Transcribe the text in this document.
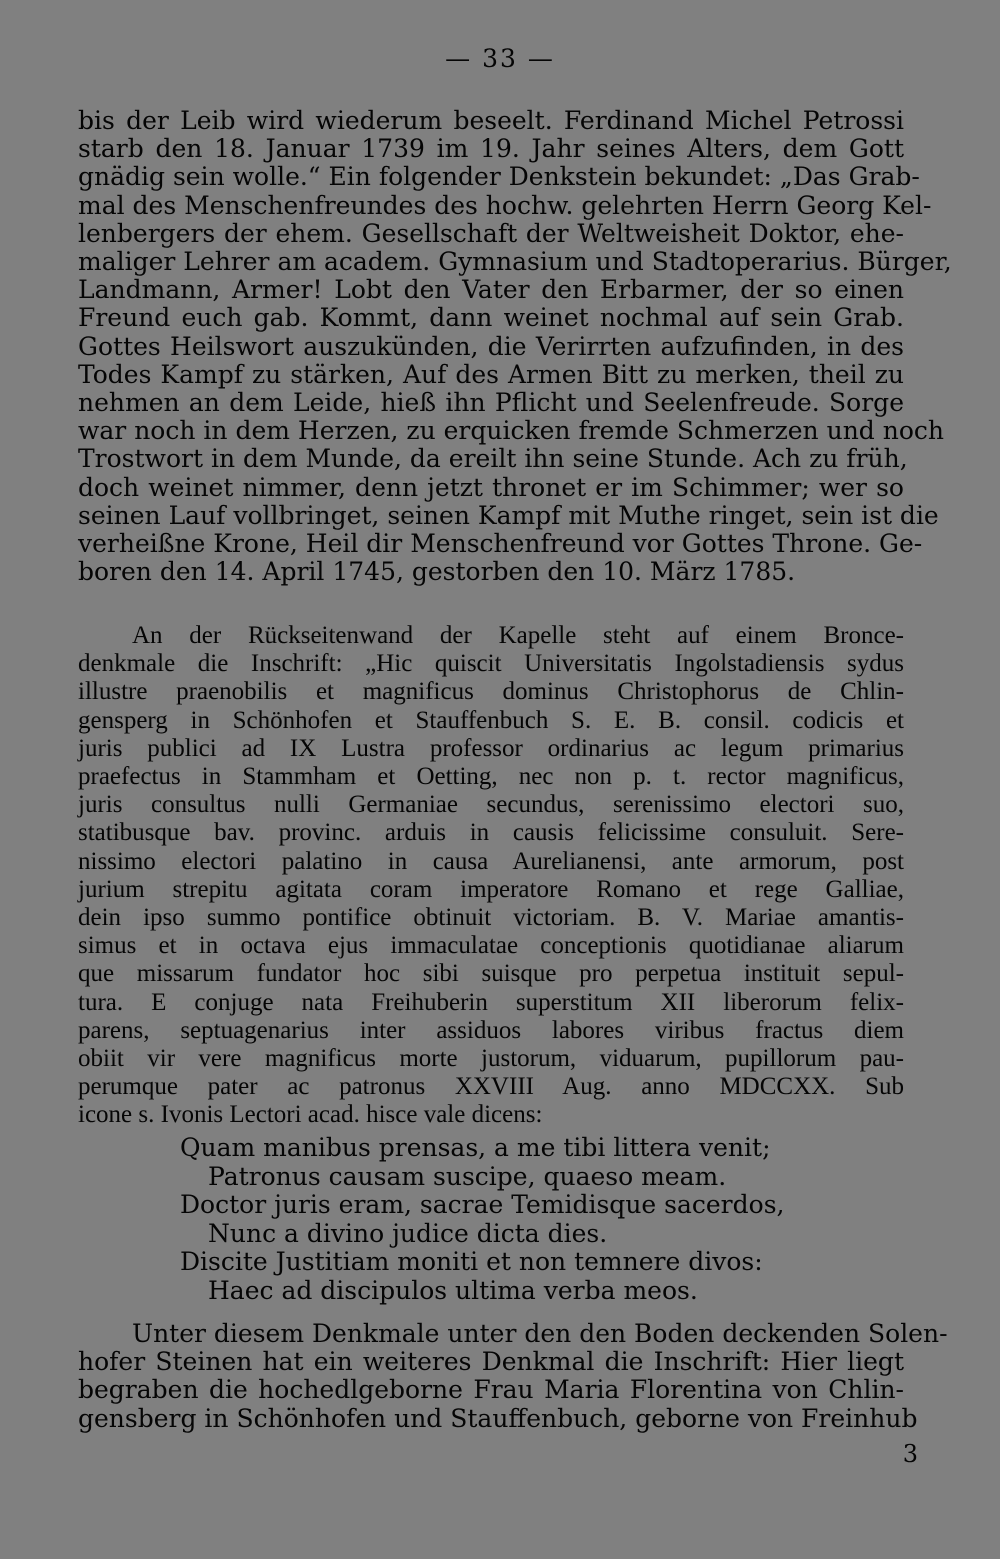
— 33 —
bis der Leib wird wiederum beseelt. Ferdinand Michel Petrossi
starb den 18. Januar 1739 im 19. Jahr seines Alters, dem Gott
gnädig sein wolle.“ Ein folgender Denkstein bekundet: „Das Grab-
mal des Menschenfreundes des hochw. gelehrten Herrn Georg Kel-
lenbergers der ehem. Gesellschaft der Weltweisheit Doktor, ehe-
maliger Lehrer am academ. Gymnasium und Stadtoperarius. Bürger,
Landmann, Armer! Lobt den Vater den Erbarmer, der so einen
Freund euch gab. Kommt, dann weinet nochmal auf sein Grab.
Gottes Heilswort auszukünden, die Verirrten aufzufinden, in des
Todes Kampf zu stärken, Auf des Armen Bitt zu merken, theil zu
nehmen an dem Leide, hieß ihn Pflicht und Seelenfreude. Sorge
war noch in dem Herzen, zu erquicken fremde Schmerzen und noch
Trostwort in dem Munde, da ereilt ihn seine Stunde. Ach zu früh,
doch weinet nimmer, denn jetzt thronet er im Schimmer; wer so
seinen Lauf vollbringet, seinen Kampf mit Muthe ringet, sein ist die
verheißne Krone, Heil dir Menschenfreund vor Gottes Throne. Ge-
boren den 14. April 1745, gestorben den 10. März 1785.
An der Rückseitenwand der Kapelle steht auf einem Bronce-
denkmale die Inschrift: „Hic quiscit Universitatis Ingolstadiensis sydus
illustre praenobilis et magnificus dominus Christophorus de Chlin-
gensperg in Schönhofen et Stauffenbuch S. E. B. consil. codicis et
juris publici ad IX Lustra professor ordinarius ac legum primarius
praefectus in Stammham et Oetting, nec non p. t. rector magnificus,
juris consultus nulli Germaniae secundus, serenissimo electori suo,
statibusque bav. provinc. arduis in causis felicissime consuluit. Sere-
nissimo electori palatino in causa Aurelianensi, ante armorum, post
jurium strepitu agitata coram imperatore Romano et rege Galliae,
dein ipso summo pontifice obtinuit victoriam. B. V. Mariae amantis-
simus et in octava ejus immaculatae conceptionis quotidianae aliarum
que missarum fundator hoc sibi suisque pro perpetua instituit sepul-
tura. E conjuge nata Freihuberin superstitum XII liberorum felix-
parens, septuagenarius inter assiduos labores viribus fractus diem
obiit vir vere magnificus morte justorum, viduarum, pupillorum pau-
perumque pater ac patronus XXVIII Aug. anno MDCCXX. Sub
icone s. Ivonis Lectori acad. hisce vale dicens:
Quam manibus prensas, a me tibi littera venit;
Patronus causam suscipe, quaeso meam.
Doctor juris eram, sacrae Temidisque sacerdos,
Nunc a divino judice dicta dies.
Discite Justitiam moniti et non temnere divos:
Haec ad discipulos ultima verba meos.
Unter diesem Denkmale unter den den Boden deckenden Solen-
hofer Steinen hat ein weiteres Denkmal die Inschrift: Hier liegt
begraben die hochedlgeborne Frau Maria Florentina von Chlin-
gensberg in Schönhofen und Stauffenbuch, geborne von Freinhub
3
